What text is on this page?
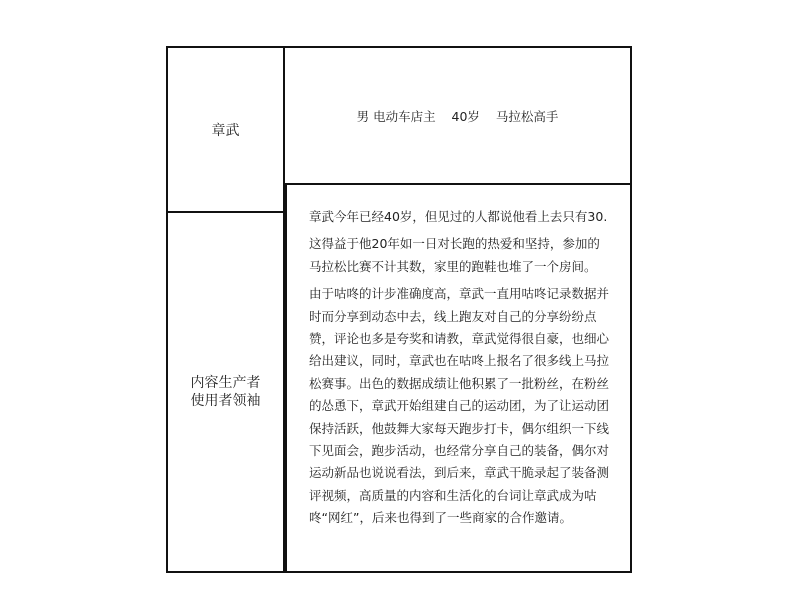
章武
男 电动车店主    40岁    马拉松高手
内容生产者
使用者领袖

章武今年已经40岁，但见过的人都说他看上去只有30.

这得益于他20年如一日对长跑的热爱和坚持，参加的马拉松比赛不计其数，家里的跑鞋也堆了一个房间。

由于咕咚的计步准确度高，章武一直用咕咚记录数据并时而分享到动态中去，线上跑友对自己的分享纷纷点赞，评论也多是夸奖和请教，章武觉得很自豪，也细心给出建议，同时，章武也在咕咚上报名了很多线上马拉松赛事。出色的数据成绩让他积累了一批粉丝，在粉丝的怂恿下，章武开始组建自己的运动团，为了让运动团保持活跃，他鼓舞大家每天跑步打卡，偶尔组织一下线下见面会，跑步活动，也经常分享自己的装备，偶尔对运动新品也说说看法，到后来，章武干脆录起了装备测评视频，高质量的内容和生活化的台词让章武成为咕咚“网红”，后来也得到了一些商家的合作邀请。
